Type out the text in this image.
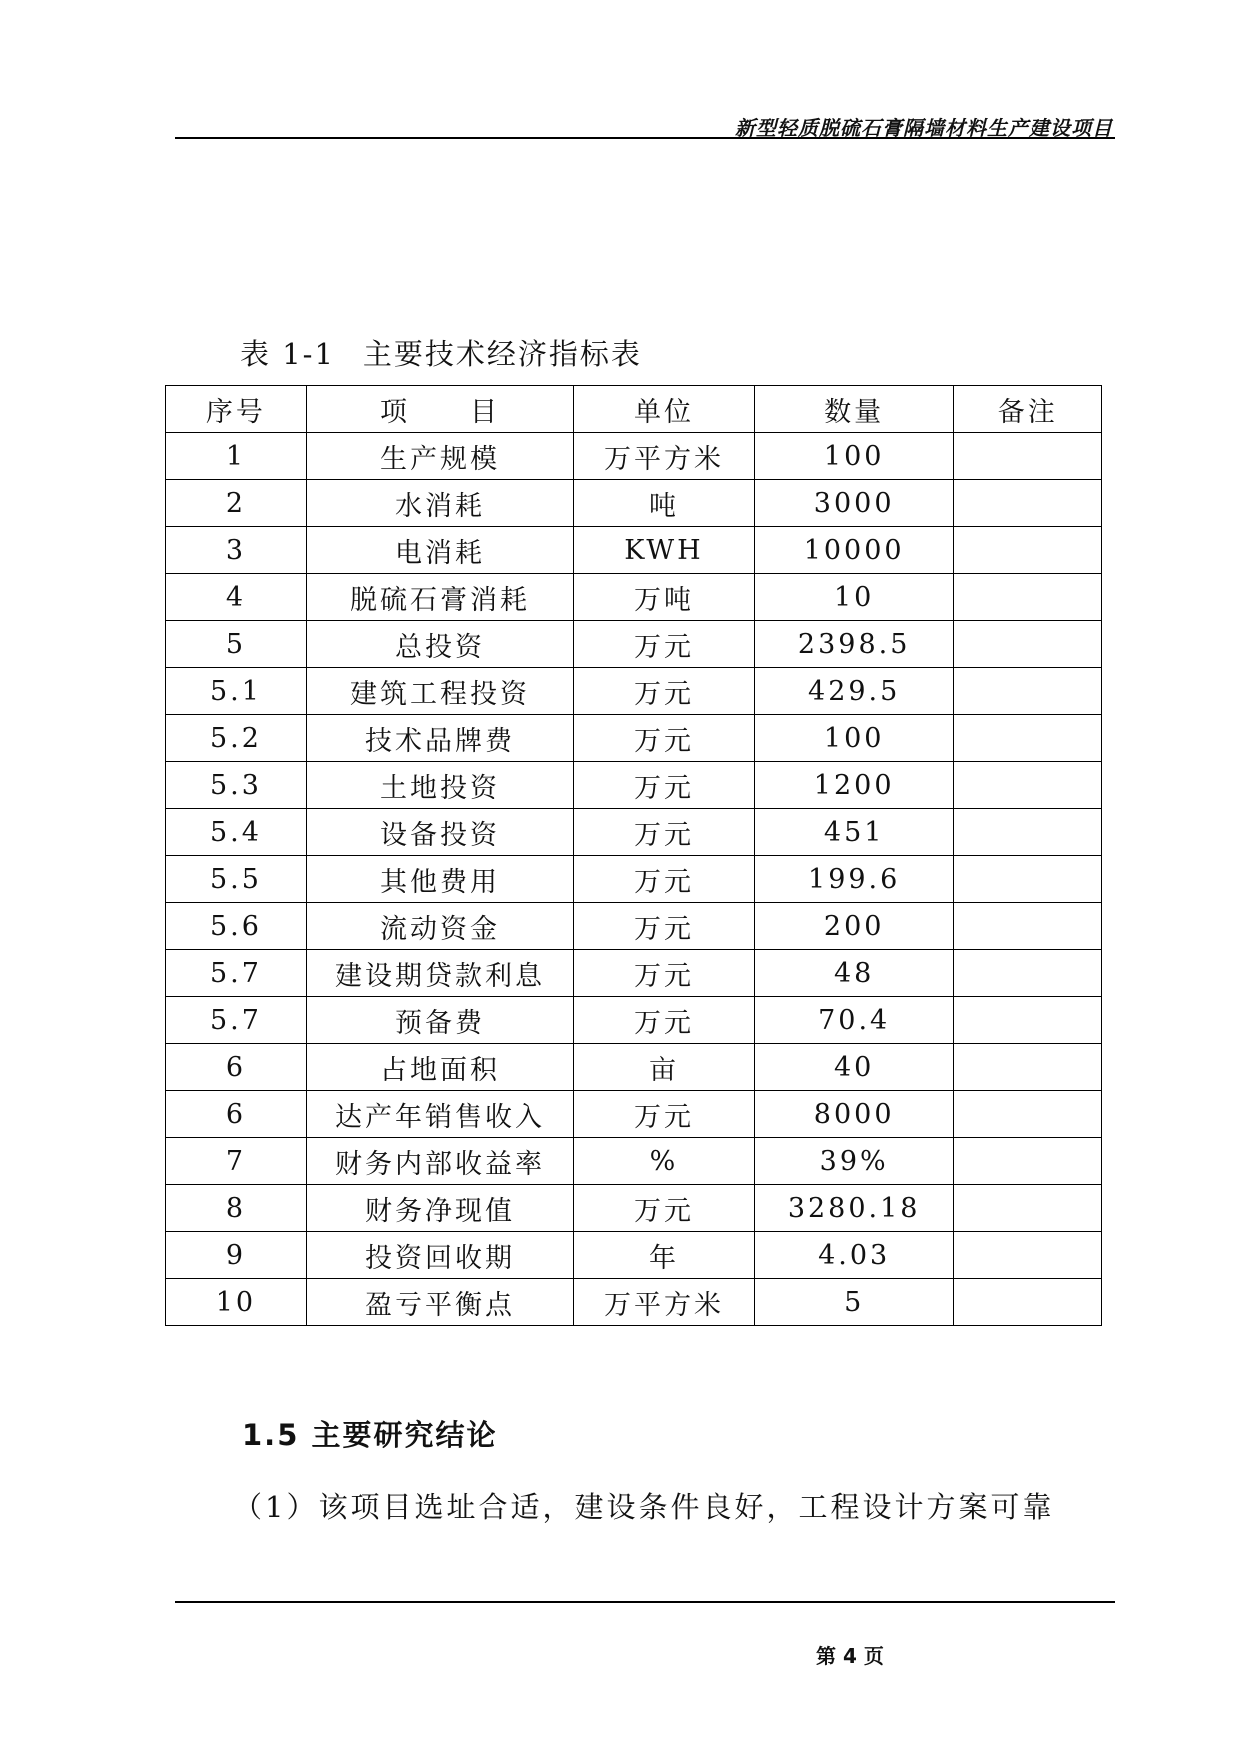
新型轻质脱硫石膏隔墙材料生产建设项目
表 1-1 主要技术经济指标表
序号	项　　目	单位	数量	备注
1	生产规模	万平方米	100	
2	水消耗	吨	3000	
3	电消耗	KWH	10000	
4	脱硫石膏消耗	万吨	10	
5	总投资	万元	2398.5	
5.1	建筑工程投资	万元	429.5	
5.2	技术品牌费	万元	100	
5.3	土地投资	万元	1200	
5.4	设备投资	万元	451	
5.5	其他费用	万元	199.6	
5.6	流动资金	万元	200	
5.7	建设期贷款利息	万元	48	
5.7	预备费	万元	70.4	
6	占地面积	亩	40	
6	达产年销售收入	万元	8000	
7	财务内部收益率	%	39%	
8	财务净现值	万元	3280.18	
9	投资回收期	年	4.03	
10	盈亏平衡点	万平方米	5	
1.5 主要研究结论
（1）该项目选址合适，建设条件良好，工程设计方案可靠
第 4 页
